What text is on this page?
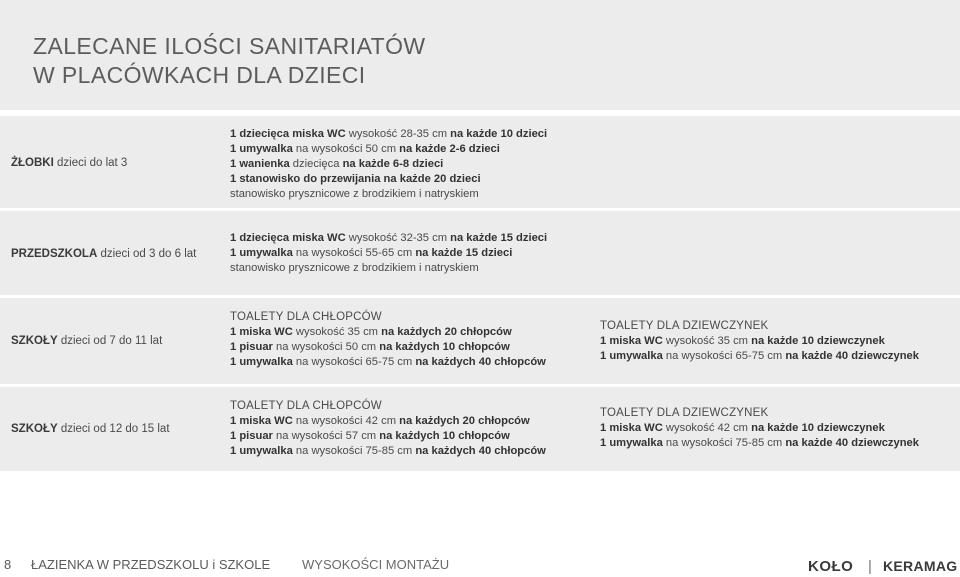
ZALECANE ILOŚCI SANITARIATÓW
W PLACÓWKACH DLA DZIECI
ŻŁOBKI dzieci do lat 3
1 dziecięca miska WC wysokość 28-35 cm na każde 10 dzieci
1 umywalka na wysokości 50 cm na każde 2-6 dzieci
1 wanienka dziecięca na każde 6-8 dzieci
1 stanowisko do przewijania na każde 20 dzieci
stanowisko prysznicowe z brodzikiem i natryskiem
PRZEDSZKOLA dzieci od 3 do 6 lat
1 dziecięca miska WC wysokość 32-35 cm na każde 15 dzieci
1 umywalka na wysokości 55-65 cm na każde 15 dzieci
stanowisko prysznicowe z brodzikiem i natryskiem
SZKOŁY dzieci od 7 do 11 lat
TOALETY DLA CHŁOPCÓW
1 miska WC wysokość 35 cm na każdych 20 chłopców
1 pisuar na wysokości 50 cm na każdych 10 chłopców
1 umywalka na wysokości 65-75 cm na każdych 40 chłopców
TOALETY DLA DZIEWCZYNEK
1 miska WC wysokość 35 cm na każde 10 dziewczynek
1 umywalka na wysokości 65-75 cm na każde 40 dziewczynek
SZKOŁY dzieci od 12 do 15 lat
TOALETY DLA CHŁOPCÓW
1 miska WC na wysokości 42 cm na każdych 20 chłopców
1 pisuar na wysokości 57 cm na każdych 10 chłopców
1 umywalka na wysokości 75-85 cm na każdych 40 chłopców
TOALETY DLA DZIEWCZYNEK
1 miska WC wysokość 42 cm na każde 10 dziewczynek
1 umywalka na wysokości 75-85 cm na każde 40 dziewczynek
8 ŁAZIENKA W PRZEDSZKOLU i SZKOLE WYSOKOŚCI MONTAŻU	KOŁO | KERAMAG
